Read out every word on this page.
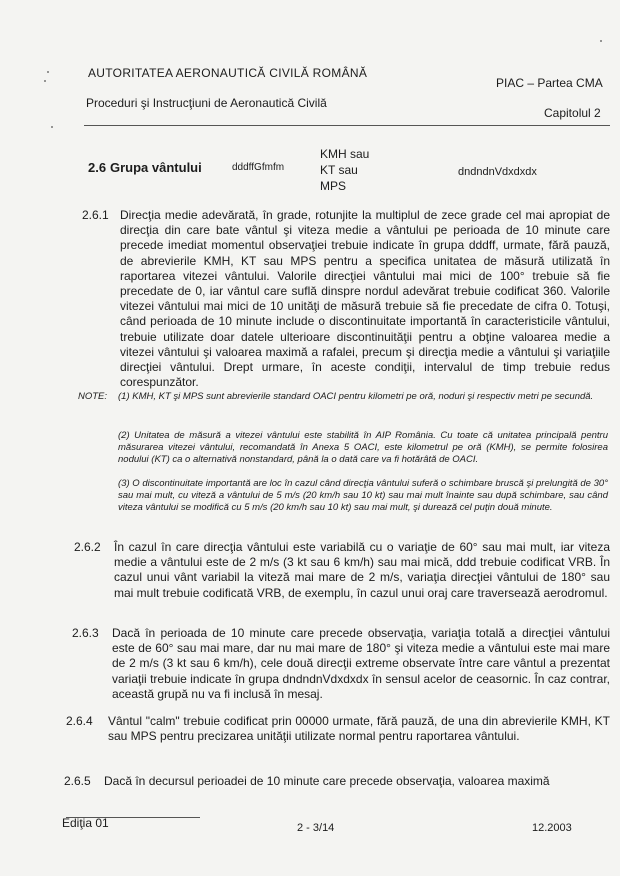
AUTORITATEA AERONAUTICĂ CIVILĂ ROMÂNĂ
PIAC – Partea CMA
Proceduri şi Instrucţiuni de Aeronautică Civilă
Capitolul 2
2.6 Grupa vântului	dddffGfmfm
KMH sau
KT sau
MPS
dndndnVdxdxdx
2.6.1 Direcţia medie adevărată, în grade, rotunjite la multiplul de zece grade cel mai apropiat de direcţia din care bate vântul şi viteza medie a vântului pe perioada de 10 minute care precede imediat momentul observaţiei trebuie indicate în grupa dddff, urmate, fără pauză, de abrevierile KMH, KT sau MPS pentru a specifica unitatea de măsură utilizată în raportarea vitezei vântului. Valorile direcţiei vântului mai mici de 100° trebuie să fie precedate de 0, iar vântul care suflă dinspre nordul adevărat trebuie codificat 360. Valorile vitezei vântului mai mici de 10 unităţi de măsură trebuie să fie precedate de cifra 0. Totuşi, când perioada de 10 minute include o discontinuitate importantă în caracteristicile vântului, trebuie utilizate doar datele ulterioare discontinuităţii pentru a obţine valoarea medie a vitezei vântului şi valoarea maximă a rafalei, precum şi direcţia medie a vântului şi variaţiile direcţiei vântului. Drept urmare, în aceste condiţii, intervalul de timp trebuie redus corespunzător.
NOTE: (1) KMH, KT şi MPS sunt abrevierile standard OACI pentru kilometri pe oră, noduri şi respectiv metri pe secundă.
(2) Unitatea de măsură a vitezei vântului este stabilită în AIP România. Cu toate că unitatea principală pentru măsurarea vitezei vântului, recomandată în Anexa 5 OACI, este kilometrul pe oră (KMH), se permite folosirea nodului (KT) ca o alternativă nonstandard, până la o dată care va fi hotărâtă de OACI.
(3) O discontinuitate importantă are loc în cazul când direcţia vântului suferă o schimbare bruscă şi prelungită de 30° sau mai mult, cu viteză a vântului de 5 m/s (20 km/h sau 10 kt) sau mai mult înainte sau după schimbare, sau când viteza vântului se modifică cu 5 m/s (20 km/h sau 10 kt) sau mai mult, şi durează cel puţin două minute.
2.6.2 În cazul în care direcţia vântului este variabilă cu o variaţie de 60° sau mai mult, iar viteza medie a vântului este de 2 m/s (3 kt sau 6 km/h) sau mai mică, ddd trebuie codificat VRB. În cazul unui vânt variabil la viteză mai mare de 2 m/s, variaţia direcţiei vântului de 180° sau mai mult trebuie codificată VRB, de exemplu, în cazul unui oraj care traversează aerodromul.
2.6.3 Dacă în perioada de 10 minute care precede observaţia, variaţia totală a direcţiei vântului este de 60° sau mai mare, dar nu mai mare de 180° şi viteza medie a vântului este mai mare de 2 m/s (3 kt sau 6 km/h), cele două direcţii extreme observate între care vântul a prezentat variaţii trebuie indicate în grupa dndndnVdxdxdx în sensul acelor de ceasornic. În caz contrar, această grupă nu va fi inclusă în mesaj.
2.6.4 Vântul "calm" trebuie codificat prin 00000 urmate, fără pauză, de una din abrevierile KMH, KT sau MPS pentru precizarea unităţii utilizate normal pentru raportarea vântului.
2.6.5 Dacă în decursul perioadei de 10 minute care precede observaţia, valoarea maximă
Ediţia 01	2 - 3/14	12.2003
